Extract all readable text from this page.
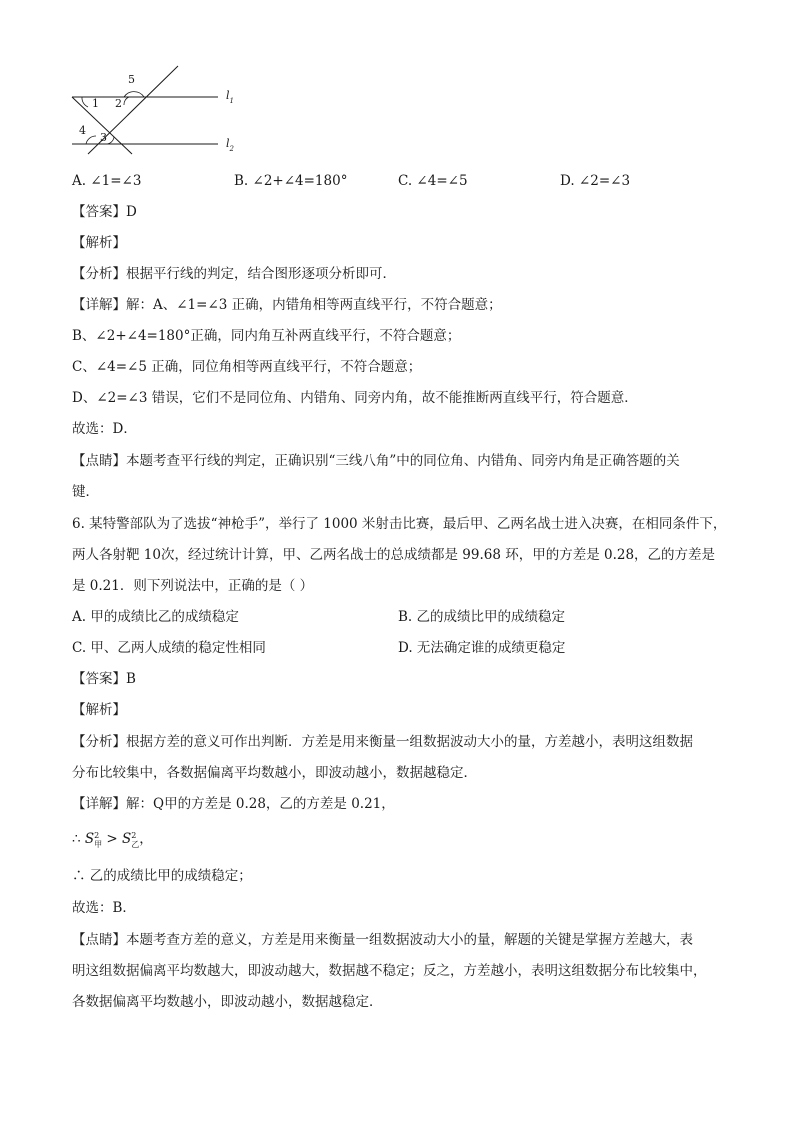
5
1 2
4
3
$l_1$
$l_2$
A. ∠1=∠3	B. ∠2+∠4=180°	C. ∠4=∠5	D. ∠2=∠3
【答案】D
【解析】
【分析】根据平行线的判定，结合图形逐项分析即可．
【详解】解：A、∠1=∠3 正确，内错角相等两直线平行，不符合题意；
B、∠2+∠4=180°正确，同内角互补两直线平行，不符合题意；
C、∠4=∠5 正确，同位角相等两直线平行，不符合题意；
D、∠2=∠3 错误，它们不是同位角、内错角、同旁内角，故不能推断两直线平行，符合题意．
故选：D．
【点睛】本题考查平行线的判定，正确识别“三线八角”中的同位角、内错角、同旁内角是正确答题的关
键．
6. 某特警部队为了选拔“神枪手”，举行了 1000 米射击比赛，最后甲、乙两名战士进入决赛，在相同条件下，
两人各射靶 10次，经过统计计算，甲、乙两名战士的总成绩都是 99.68 环，甲的方差是 0.28，乙的方差是
是 0.21．则下列说法中，正确的是（ ）
A. 甲的成绩比乙的成绩稳定	B. 乙的成绩比甲的成绩稳定
C. 甲、乙两人成绩的稳定性相同	D. 无法确定谁的成绩更稳定
【答案】B
【解析】
【分析】根据方差的意义可作出判断．方差是用来衡量一组数据波动大小的量，方差越小，表明这组数据
分布比较集中，各数据偏离平均数越小，即波动越小，数据越稳定．
【详解】解：Q甲的方差是 0.28，乙的方差是 0.21，
∴ S 2
甲 > S 2
乙 ，
∴ 乙的成绩比甲的成绩稳定；
故选：B．
【点睛】本题考查方差的意义，方差是用来衡量一组数据波动大小的量，解题的关键是掌握方差越大，表
明这组数据偏离平均数越大，即波动越大，数据越不稳定；反之，方差越小，表明这组数据分布比较集中，
各数据偏离平均数越小，即波动越小，数据越稳定．
